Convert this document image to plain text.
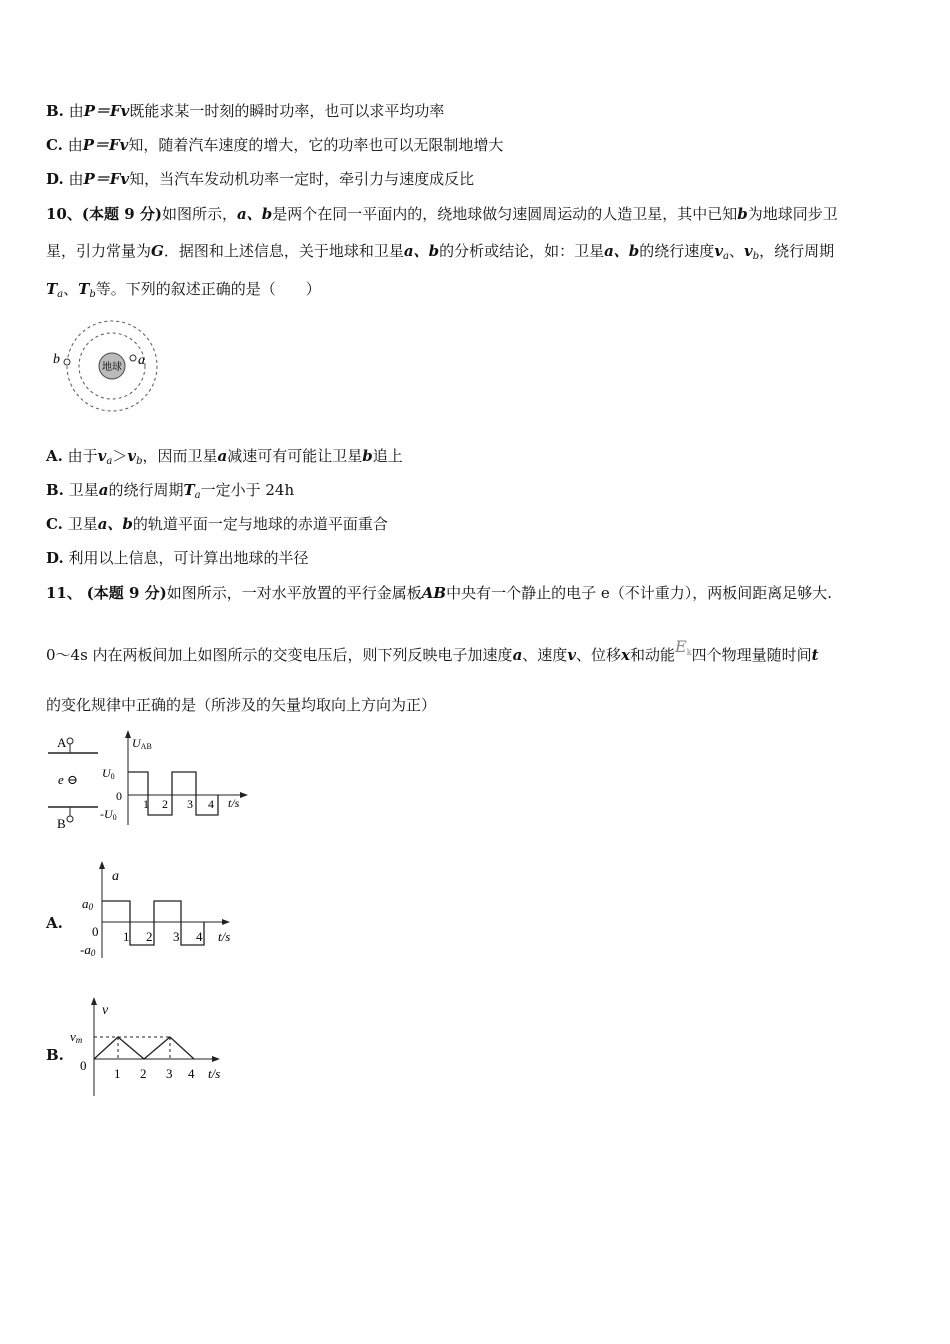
B. 由P＝Fv既能求某一时刻的瞬时功率，也可以求平均功率
C. 由P＝Fv知，随着汽车速度的增大，它的功率也可以无限制地增大
D. 由P＝Fv知，当汽车发动机功率一定时，牵引力与速度成反比
10、(本题 9 分)如图所示，a、b是两个在同一平面内的，绕地球做匀速圆周运动的人造卫星，其中已知b为地球同步卫
星，引力常量为G．据图和上述信息，关于地球和卫星a、b的分析或结论，如：卫星a、b的绕行速度$v_a$、$v_b$，绕行周期
$T_a$、$T_b$等。下列的叙述正确的是（　　）
地球 a
b
A. 由于$v_a>v_b$，因而卫星a减速可有可能让卫星b追上
B. 卫星a的绕行周期$T_a$一定小于 24h
C. 卫星a、b的轨道平面一定与地球的赤道平面重合
D. 利用以上信息，可计算出地球的半径
11、 (本题 9 分)如图所示，一对水平放置的平行金属板AB中央有一个静止的电子 e（不计重力），两板间距离足够大.
0～4s 内在两板间加上如图所示的交变电压后，则下列反映电子加速度a、速度v、位移x和动能$E^k$四个物理量随时间t
的变化规律中正确的是（所涉及的矢量均取向上方向为正）
A
B
e ⊖
UAB
U0
-U0
0
1 2 3 4 t/s
A.
a
a0
-a0
0 1 2 3 4 t/s
B.
v
vm
0
1 2 3 4 t/s
